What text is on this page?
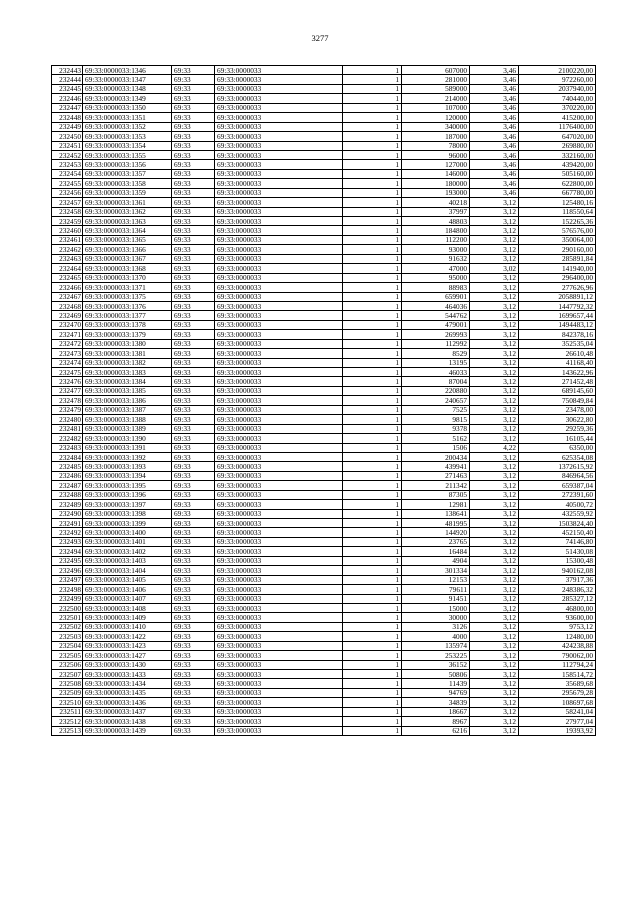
3277
232443	69:33:0000033:1346	69:33	69:33:0000033	1	607000	3,46	2100220,00
232444	69:33:0000033:1347	69:33	69:33:0000033	1	281000	3,46	972260,00
232445	69:33:0000033:1348	69:33	69:33:0000033	1	589000	3,46	2037940,00
232446	69:33:0000033:1349	69:33	69:33:0000033	1	214000	3,46	740440,00
232447	69:33:0000033:1350	69:33	69:33:0000033	1	107000	3,46	370220,00
232448	69:33:0000033:1351	69:33	69:33:0000033	1	120000	3,46	415200,00
232449	69:33:0000033:1352	69:33	69:33:0000033	1	340000	3,46	1176400,00
232450	69:33:0000033:1353	69:33	69:33:0000033	1	187000	3,46	647020,00
232451	69:33:0000033:1354	69:33	69:33:0000033	1	78000	3,46	269880,00
232452	69:33:0000033:1355	69:33	69:33:0000033	1	96000	3,46	332160,00
232453	69:33:0000033:1356	69:33	69:33:0000033	1	127000	3,46	439420,00
232454	69:33:0000033:1357	69:33	69:33:0000033	1	146000	3,46	505160,00
232455	69:33:0000033:1358	69:33	69:33:0000033	1	180000	3,46	622800,00
232456	69:33:0000033:1359	69:33	69:33:0000033	1	193000	3,46	667780,00
232457	69:33:0000033:1361	69:33	69:33:0000033	1	40218	3,12	125480,16
232458	69:33:0000033:1362	69:33	69:33:0000033	1	37997	3,12	118550,64
232459	69:33:0000033:1363	69:33	69:33:0000033	1	48803	3,12	152265,36
232460	69:33:0000033:1364	69:33	69:33:0000033	1	184800	3,12	576576,00
232461	69:33:0000033:1365	69:33	69:33:0000033	1	112200	3,12	350064,00
232462	69:33:0000033:1366	69:33	69:33:0000033	1	93000	3,12	290160,00
232463	69:33:0000033:1367	69:33	69:33:0000033	1	91632	3,12	285891,84
232464	69:33:0000033:1368	69:33	69:33:0000033	1	47000	3,02	141940,00
232465	69:33:0000033:1370	69:33	69:33:0000033	1	95000	3,12	296400,00
232466	69:33:0000033:1371	69:33	69:33:0000033	1	88983	3,12	277626,96
232467	69:33:0000033:1375	69:33	69:33:0000033	1	659901	3,12	2058891,12
232468	69:33:0000033:1376	69:33	69:33:0000033	1	464036	3,12	1447792,32
232469	69:33:0000033:1377	69:33	69:33:0000033	1	544762	3,12	1699657,44
232470	69:33:0000033:1378	69:33	69:33:0000033	1	479001	3,12	1494483,12
232471	69:33:0000033:1379	69:33	69:33:0000033	1	269993	3,12	842378,16
232472	69:33:0000033:1380	69:33	69:33:0000033	1	112992	3,12	352535,04
232473	69:33:0000033:1381	69:33	69:33:0000033	1	8529	3,12	26610,48
232474	69:33:0000033:1382	69:33	69:33:0000033	1	13195	3,12	41168,40
232475	69:33:0000033:1383	69:33	69:33:0000033	1	46033	3,12	143622,96
232476	69:33:0000033:1384	69:33	69:33:0000033	1	87004	3,12	271452,48
232477	69:33:0000033:1385	69:33	69:33:0000033	1	220880	3,12	689145,60
232478	69:33:0000033:1386	69:33	69:33:0000033	1	240657	3,12	750849,84
232479	69:33:0000033:1387	69:33	69:33:0000033	1	7525	3,12	23478,00
232480	69:33:0000033:1388	69:33	69:33:0000033	1	9815	3,12	30622,80
232481	69:33:0000033:1389	69:33	69:33:0000033	1	9378	3,12	29259,36
232482	69:33:0000033:1390	69:33	69:33:0000033	1	5162	3,12	16105,44
232483	69:33:0000033:1391	69:33	69:33:0000033	1	1506	4,22	6350,00
232484	69:33:0000033:1392	69:33	69:33:0000033	1	200434	3,12	625354,08
232485	69:33:0000033:1393	69:33	69:33:0000033	1	439941	3,12	1372615,92
232486	69:33:0000033:1394	69:33	69:33:0000033	1	271463	3,12	846964,56
232487	69:33:0000033:1395	69:33	69:33:0000033	1	211342	3,12	659387,04
232488	69:33:0000033:1396	69:33	69:33:0000033	1	87305	3,12	272391,60
232489	69:33:0000033:1397	69:33	69:33:0000033	1	12981	3,12	40500,72
232490	69:33:0000033:1398	69:33	69:33:0000033	1	138641	3,12	432559,92
232491	69:33:0000033:1399	69:33	69:33:0000033	1	481995	3,12	1503824,40
232492	69:33:0000033:1400	69:33	69:33:0000033	1	144920	3,12	452150,40
232493	69:33:0000033:1401	69:33	69:33:0000033	1	23765	3,12	74146,80
232494	69:33:0000033:1402	69:33	69:33:0000033	1	16484	3,12	51430,08
232495	69:33:0000033:1403	69:33	69:33:0000033	1	4904	3,12	15300,48
232496	69:33:0000033:1404	69:33	69:33:0000033	1	301334	3,12	940162,08
232497	69:33:0000033:1405	69:33	69:33:0000033	1	12153	3,12	37917,36
232498	69:33:0000033:1406	69:33	69:33:0000033	1	79611	3,12	248386,32
232499	69:33:0000033:1407	69:33	69:33:0000033	1	91451	3,12	285327,12
232500	69:33:0000033:1408	69:33	69:33:0000033	1	15000	3,12	46800,00
232501	69:33:0000033:1409	69:33	69:33:0000033	1	30000	3,12	93600,00
232502	69:33:0000033:1410	69:33	69:33:0000033	1	3126	3,12	9753,12
232503	69:33:0000033:1422	69:33	69:33:0000033	1	4000	3,12	12480,00
232504	69:33:0000033:1423	69:33	69:33:0000033	1	135974	3,12	424238,88
232505	69:33:0000033:1427	69:33	69:33:0000033	1	253225	3,12	790062,00
232506	69:33:0000033:1430	69:33	69:33:0000033	1	36152	3,12	112794,24
232507	69:33:0000033:1433	69:33	69:33:0000033	1	50806	3,12	158514,72
232508	69:33:0000033:1434	69:33	69:33:0000033	1	11439	3,12	35689,68
232509	69:33:0000033:1435	69:33	69:33:0000033	1	94769	3,12	295679,28
232510	69:33:0000033:1436	69:33	69:33:0000033	1	34839	3,12	108697,68
232511	69:33:0000033:1437	69:33	69:33:0000033	1	18667	3,12	58241,04
232512	69:33:0000033:1438	69:33	69:33:0000033	1	8967	3,12	27977,04
232513	69:33:0000033:1439	69:33	69:33:0000033	1	6216	3,12	19393,92
